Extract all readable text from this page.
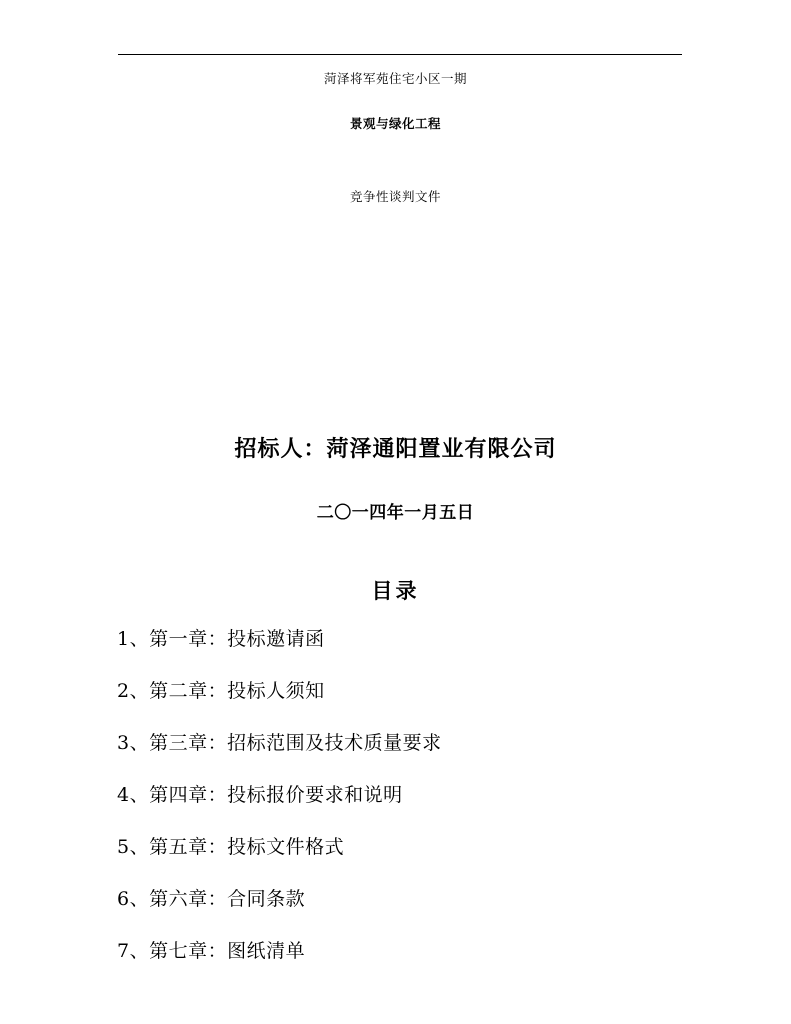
菏泽将军苑住宅小区一期
景观与绿化工程
竞争性谈判文件
招标人：菏泽通阳置业有限公司
二〇一四年一月五日
目录
1、第一章：投标邀请函
2、第二章：投标人须知
3、第三章：招标范围及技术质量要求
4、第四章：投标报价要求和说明
5、第五章：投标文件格式
6、第六章：合同条款
7、第七章：图纸清单
